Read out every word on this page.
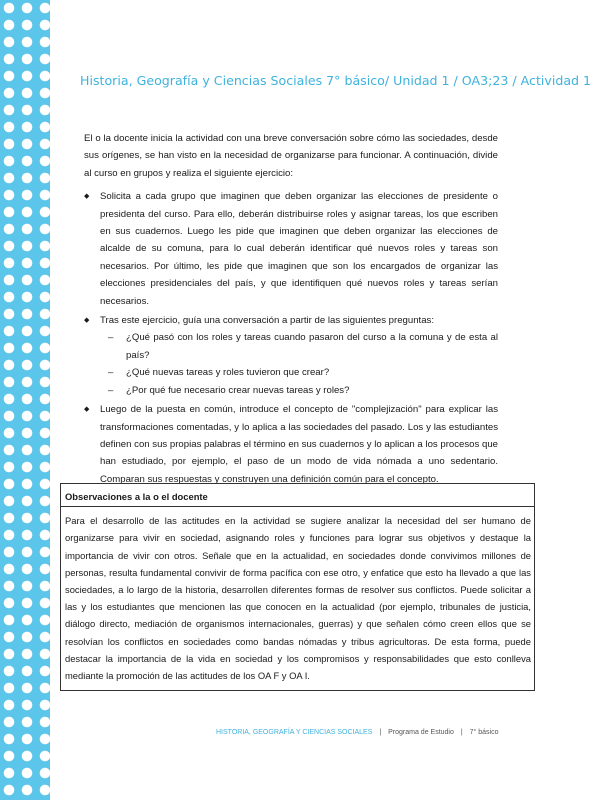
Historia, Geografía y Ciencias Sociales 7° básico/ Unidad 1 / OA3;23 / Actividad 1

El o la docente inicia la actividad con una breve conversación sobre cómo las sociedades, desde sus orígenes, se han visto en la necesidad de organizarse para funcionar. A continuación, divide al curso en grupos y realiza el siguiente ejercicio:

◆ Solicita a cada grupo que imaginen que deben organizar las elecciones de presidente o presidenta del curso. Para ello, deberán distribuirse roles y asignar tareas, los que escriben en sus cuadernos. Luego les pide que imaginen que deben organizar las elecciones de alcalde de su comuna, para lo cual deberán identificar qué nuevos roles y tareas son necesarios. Por último, les pide que imaginen que son los encargados de organizar las elecciones presidenciales del país, y que identifiquen qué nuevos roles y tareas serían necesarios.
◆ Tras este ejercicio, guía una conversación a partir de las siguientes preguntas:
– ¿Qué pasó con los roles y tareas cuando pasaron del curso a la comuna y de esta al país?
– ¿Qué nuevas tareas y roles tuvieron que crear?
– ¿Por qué fue necesario crear nuevas tareas y roles?
◆ Luego de la puesta en común, introduce el concepto de "complejización" para explicar las transformaciones comentadas, y lo aplica a las sociedades del pasado. Los y las estudiantes definen con sus propias palabras el término en sus cuadernos y lo aplican a los procesos que han estudiado, por ejemplo, el paso de un modo de vida nómada a uno sedentario. Comparan sus respuestas y construyen una definición común para el concepto.
Observaciones a la o el docente

Para el desarrollo de las actitudes en la actividad se sugiere analizar la necesidad del ser humano de organizarse para vivir en sociedad, asignando roles y funciones para lograr sus objetivos y destaque la importancia de vivir con otros. Señale que en la actualidad, en sociedades donde convivimos millones de personas, resulta fundamental convivir de forma pacífica con ese otro, y enfatice que esto ha llevado a que las sociedades, a lo largo de la historia, desarrollen diferentes formas de resolver sus conflictos. Puede solicitar a las y los estudiantes que mencionen las que conocen en la actualidad (por ejemplo, tribunales de justicia, diálogo directo, mediación de organismos internacionales, guerras) y que señalen cómo creen ellos que se resolvían los conflictos en sociedades como bandas nómadas y tribus agricultoras. De esta forma, puede destacar la importancia de la vida en sociedad y los compromisos y responsabilidades que esto conlleva mediante la promoción de las actitudes de los OA F y OA I.

HISTORIA, GEOGRAFÍA Y CIENCIAS SOCIALES | Programa de Estudio | 7° básico
